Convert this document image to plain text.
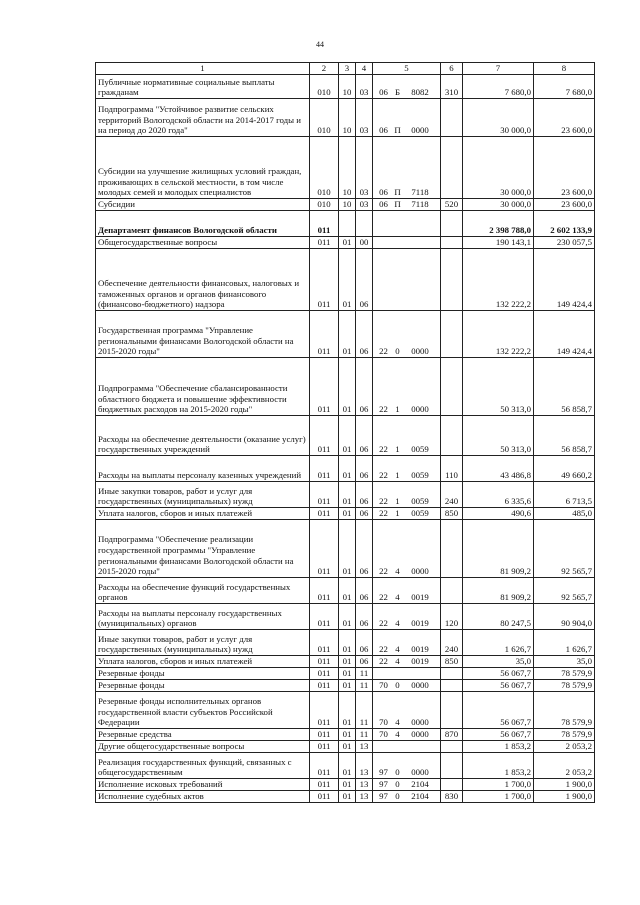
44
1	2	3	4	5	6	7	8
Публичные нормативные социальные выплаты гражданам	010	10	03	06 Б 8082	310	7 680,0	7 680,0
Подпрограмма "Устойчивое развитие сельских территорий Вологодской области на 2014-2017 годы и на период до 2020 года"	010	10	03	06 П 0000		30 000,0	23 600,0
Субсидии на улучшение жилищных условий граждан, проживающих в сельской местности, в том числе молодых семей и молодых специалистов	010	10	03	06 П 7118		30 000,0	23 600,0
Субсидии	010	10	03	06 П 7118	520	30 000,0	23 600,0
Департамент финансов Вологодской области	011					2 398 788,0	2 602 133,9
Общегосударственные вопросы	011	01	00			190 143,1	230 057,5
Обеспечение деятельности финансовых, налоговых и таможенных органов и органов финансового (финансово-бюджетного) надзора	011	01	06			132 222,2	149 424,4
Государственная программа "Управление региональными финансами Вологодской области на 2015-2020 годы"	011	01	06	22 0 0000		132 222,2	149 424,4
Подпрограмма "Обеспечение сбалансированности областного бюджета и повышение эффективности бюджетных расходов на 2015-2020 годы"	011	01	06	22 1 0000		50 313,0	56 858,7
Расходы на обеспечение деятельности (оказание услуг) государственных учреждений	011	01	06	22 1 0059		50 313,0	56 858,7
Расходы на выплаты персоналу казенных учреждений	011	01	06	22 1 0059	110	43 486,8	49 660,2
Иные закупки товаров, работ и услуг для государственных (муниципальных) нужд	011	01	06	22 1 0059	240	6 335,6	6 713,5
Уплата налогов, сборов и иных платежей	011	01	06	22 1 0059	850	490,6	485,0
Подпрограмма "Обеспечение реализации государственной программы "Управление региональными финансами Вологодской области на 2015-2020 годы"	011	01	06	22 4 0000		81 909,2	92 565,7
Расходы на обеспечение функций государственных органов	011	01	06	22 4 0019		81 909,2	92 565,7
Расходы на выплаты персоналу государственных (муниципальных) органов	011	01	06	22 4 0019	120	80 247,5	90 904,0
Иные закупки товаров, работ и услуг для государственных (муниципальных) нужд	011	01	06	22 4 0019	240	1 626,7	1 626,7
Уплата налогов, сборов и иных платежей	011	01	06	22 4 0019	850	35,0	35,0
Резервные фонды	011	01	11			56 067,7	78 579,9
Резервные фонды	011	01	11	70 0 0000		56 067,7	78 579,9
Резервные фонды исполнительных органов государственной власти субъектов Российской Федерации	011	01	11	70 4 0000		56 067,7	78 579,9
Резервные средства	011	01	11	70 4 0000	870	56 067,7	78 579,9
Другие общегосударственные вопросы	011	01	13			1 853,2	2 053,2
Реализация государственных функций, связанных с общегосударственным	011	01	13	97 0 0000		1 853,2	2 053,2
Исполнение исковых требований	011	01	13	97 0 2104		1 700,0	1 900,0
Исполнение судебных актов	011	01	13	97 0 2104	830	1 700,0	1 900,0
